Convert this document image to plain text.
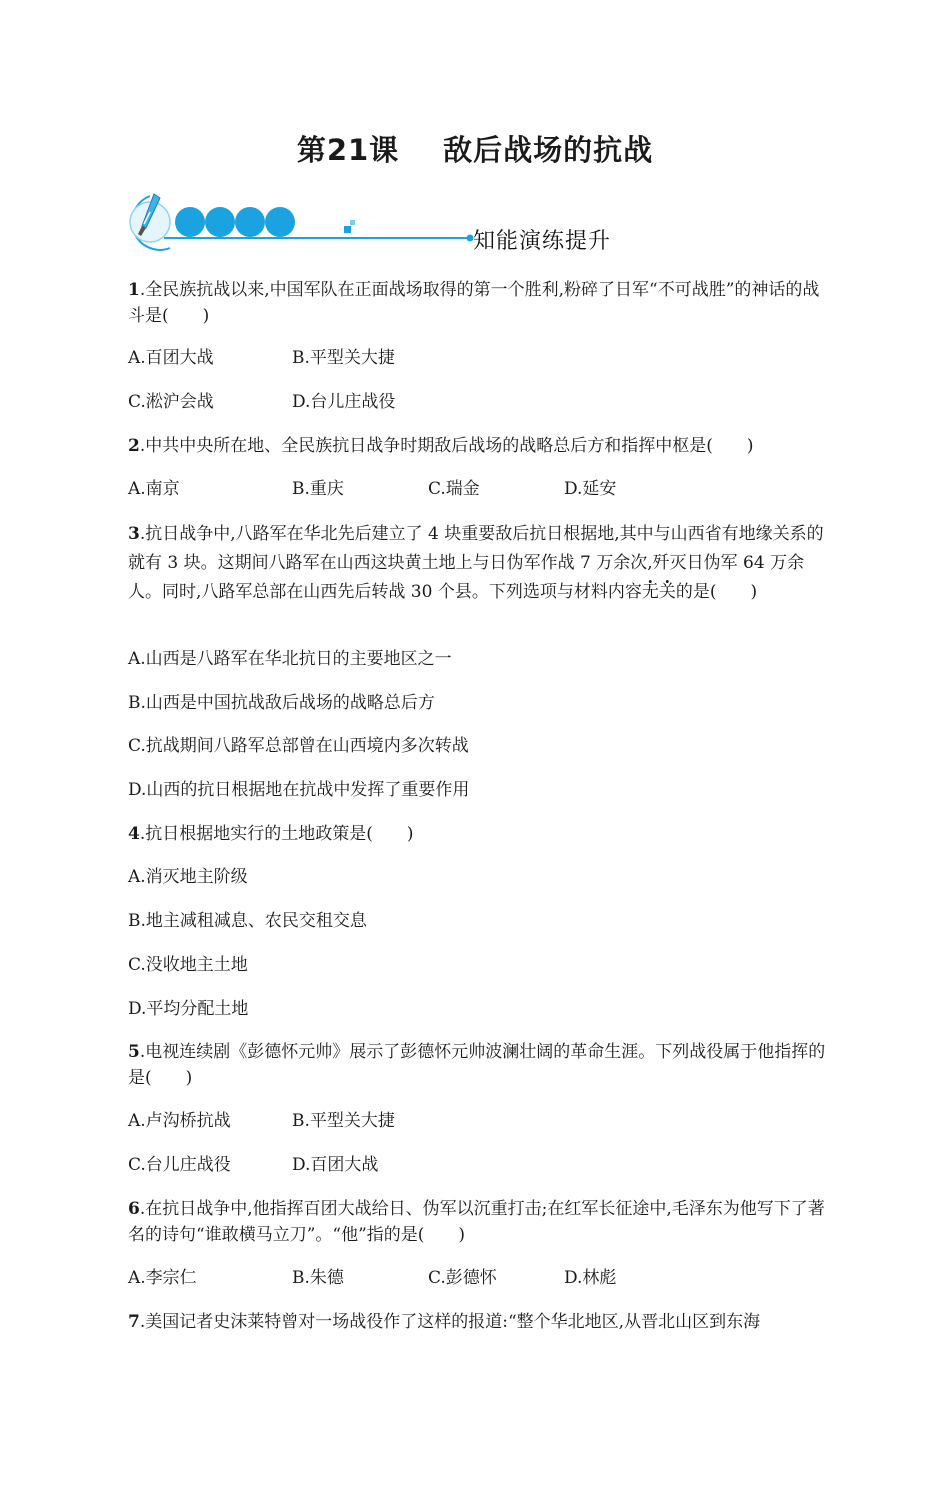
第21课 敌后战场的抗战
知能演练提升

1.全民族抗战以来,中国军队在正面战场取得的第一个胜利,粉碎了日军“不可战胜”的神话的战斗是(　　)

A.百团大战	B.平型关大捷
C.淞沪会战	D.台儿庄战役

2.中共中央所在地、全民族抗日战争时期敌后战场的战略总后方和指挥中枢是(　　)

A.南京	B.重庆	C.瑞金	D.延安

3.抗日战争中,八路军在华北先后建立了 4 块重要敌后抗日根据地,其中与山西省有地缘关系的就有 3 块。这期间八路军在山西这块黄土地上与日伪军作战 7 万余次,歼灭日伪军 64 万余人。同时,八路军总部在山西先后转战 30 个县。下列选项与材料内容无关的是(　　)

A.山西是八路军在华北抗日的主要地区之一
B.山西是中国抗战敌后战场的战略总后方
C.抗战期间八路军总部曾在山西境内多次转战
D.山西的抗日根据地在抗战中发挥了重要作用

4.抗日根据地实行的土地政策是(　　)

A.消灭地主阶级
B.地主减租减息、农民交租交息
C.没收地主土地
D.平均分配土地

5.电视连续剧《彭德怀元帅》展示了彭德怀元帅波澜壮阔的革命生涯。下列战役属于他指挥的是(　　)

A.卢沟桥抗战	B.平型关大捷
C.台儿庄战役	D.百团大战

6.在抗日战争中,他指挥百团大战给日、伪军以沉重打击;在红军长征途中,毛泽东为他写下了著名的诗句“谁敢横马立刀”。“他”指的是(　　)

A.李宗仁	B.朱德	C.彭德怀	D.林彪

7.美国记者史沫莱特曾对一场战役作了这样的报道:“整个华北地区,从晋北山区到东海
